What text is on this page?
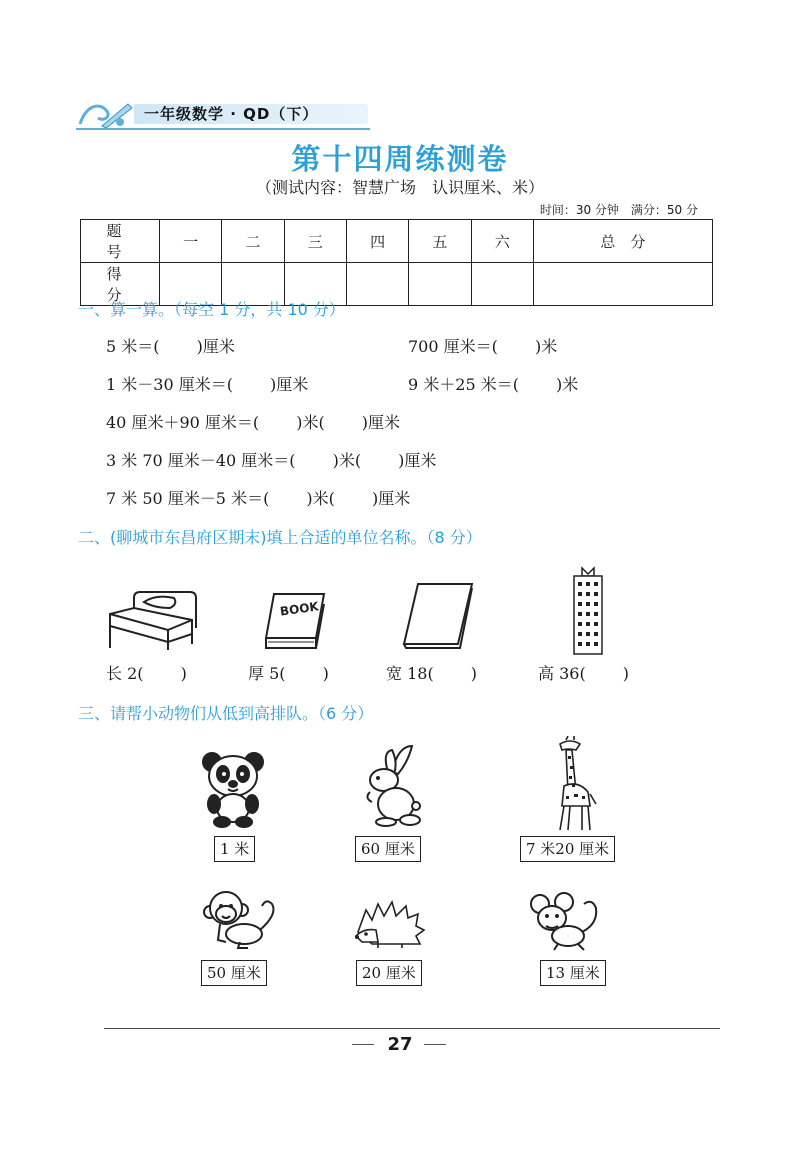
一年级数学 · QD（下）
第十四周练测卷
（测试内容：智慧广场　认识厘米、米）
时间：30 分钟　满分：50 分
题　号	一	二	三	四	五	六	总　分
得　分							
一、算一算。（每空 1 分，共 10 分）
5 米＝(　　 )厘米	700 厘米＝(　　 )米
1 米－30 厘米＝(　　 )厘米	9 米＋25 米＝(　　 )米
40 厘米＋90 厘米＝(　　 )米(　　 )厘米
3 米 70 厘米－40 厘米＝(　　 )米(　　 )厘米
7 米 50 厘米－5 米＝(　　 )米(　　 )厘米
二、(聊城市东昌府区期末)填上合适的单位名称。（8 分）
BOOK
长 2(　　 )	厚 5(　　 )	宽 18(　　 )	高 36(　　 )
三、请帮小动物们从低到高排队。（6 分）
1 米	60 厘米	7 米20 厘米
50 厘米	20 厘米	13 厘米
27
